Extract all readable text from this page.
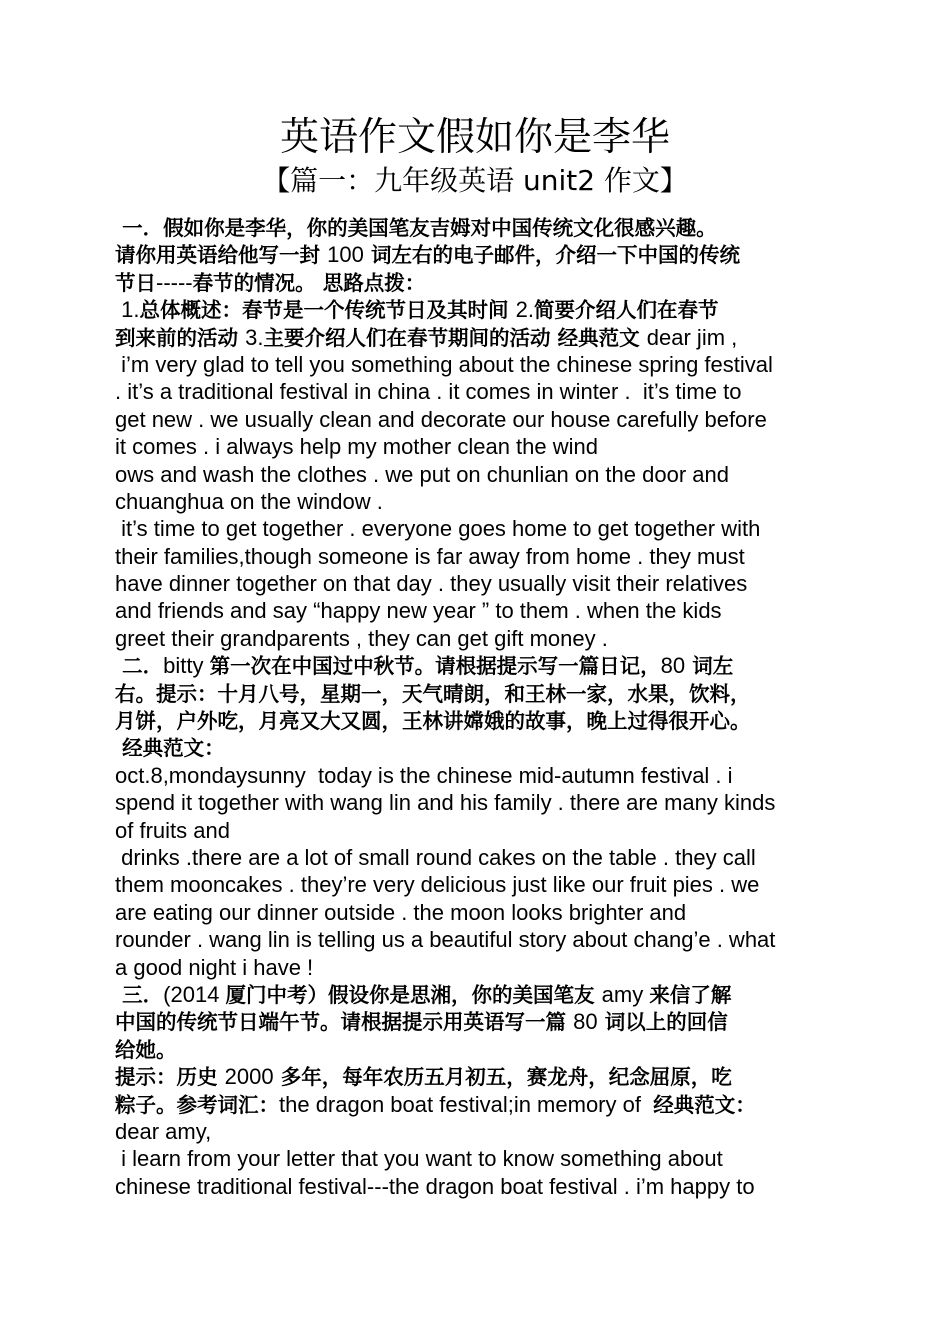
英语作文假如你是李华
【篇一：九年级英语 unit2 作文】
一．假如你是李华，你的美国笔友吉姆对中国传统文化很感兴趣。
请你用英语给他写一封 100 词左右的电子邮件，介绍一下中国的传统
节日-----春节的情况。 思路点拨：
1.总体概述：春节是一个传统节日及其时间 2.简要介绍人们在春节
到来前的活动 3.主要介绍人们在春节期间的活动 经典范文 dear jim ,
i’m very glad to tell you something about the chinese spring festival
. it’s a traditional festival in china . it comes in winter .  it’s time to
get new . we usually clean and decorate our house carefully before
it comes . i always help my mother clean the wind
ows and wash the clothes . we put on chunlian on the door and
chuanghua on the window .
it’s time to get together . everyone goes home to get together with
their families,though someone is far away from home . they must
have dinner together on that day . they usually visit their relatives
and friends and say “happy new year ” to them . when the kids
greet their grandparents , they can get gift money .
二．bitty 第一次在中国过中秋节。请根据提示写一篇日记，80 词左
右。提示：十月八号，星期一，天气晴朗，和王林一家，水果，饮料，
月饼，户外吃，月亮又大又圆，王林讲嫦娥的故事，晚上过得很开心。
经典范文：
oct.8,mondaysunny  today is the chinese mid-autumn festival . i
spend it together with wang lin and his family . there are many kinds
of fruits and
drinks .there are a lot of small round cakes on the table . they call
them mooncakes . they’re very delicious just like our fruit pies . we
are eating our dinner outside . the moon looks brighter and
rounder . wang lin is telling us a beautiful story about chang’e . what
a good night i have !
三．(2014 厦门中考）假设你是思湘，你的美国笔友 amy 来信了解
中国的传统节日端午节。请根据提示用英语写一篇 80 词以上的回信
给她。
提示：历史 2000 多年，每年农历五月初五，赛龙舟，纪念屈原，吃
粽子。参考词汇：the dragon boat festival;in memory of  经典范文：
dear amy,
i learn from your letter that you want to know something about
chinese traditional festival---the dragon boat festival . i’m happy to
